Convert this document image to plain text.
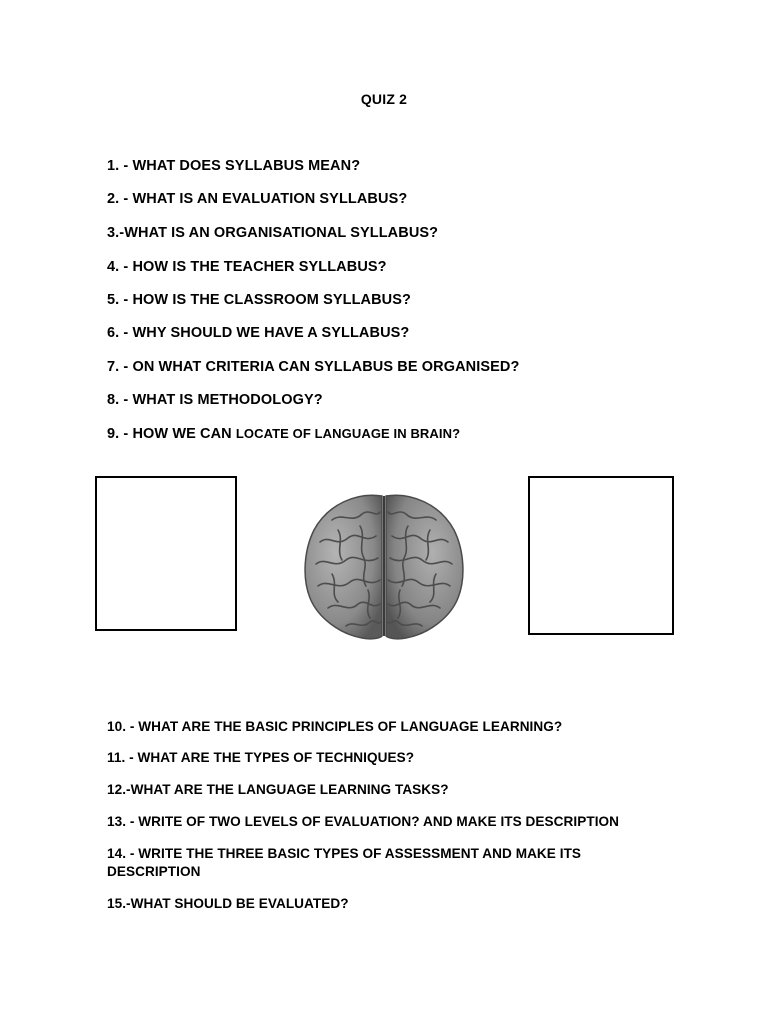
QUIZ 2
1. - WHAT DOES SYLLABUS MEAN?
2. - WHAT IS AN EVALUATION SYLLABUS?
3.-WHAT IS AN ORGANISATIONAL SYLLABUS?
4. - HOW IS THE TEACHER SYLLABUS?
5. - HOW IS THE CLASSROOM SYLLABUS?
6. - WHY SHOULD WE HAVE A SYLLABUS?
7. - ON WHAT CRITERIA CAN SYLLABUS BE ORGANISED?
8. - WHAT IS METHODOLOGY?
9. - HOW WE CAN LOCATE OF LANGUAGE IN BRAIN?
10. - WHAT ARE THE BASIC PRINCIPLES OF LANGUAGE LEARNING?
11. - WHAT ARE THE TYPES OF TECHNIQUES?
12.-WHAT ARE THE LANGUAGE LEARNING TASKS?
13. - WRITE OF TWO LEVELS OF EVALUATION? AND MAKE ITS DESCRIPTION
14. - WRITE THE THREE BASIC TYPES OF ASSESSMENT AND MAKE ITS DESCRIPTION
15.-WHAT SHOULD BE EVALUATED?
